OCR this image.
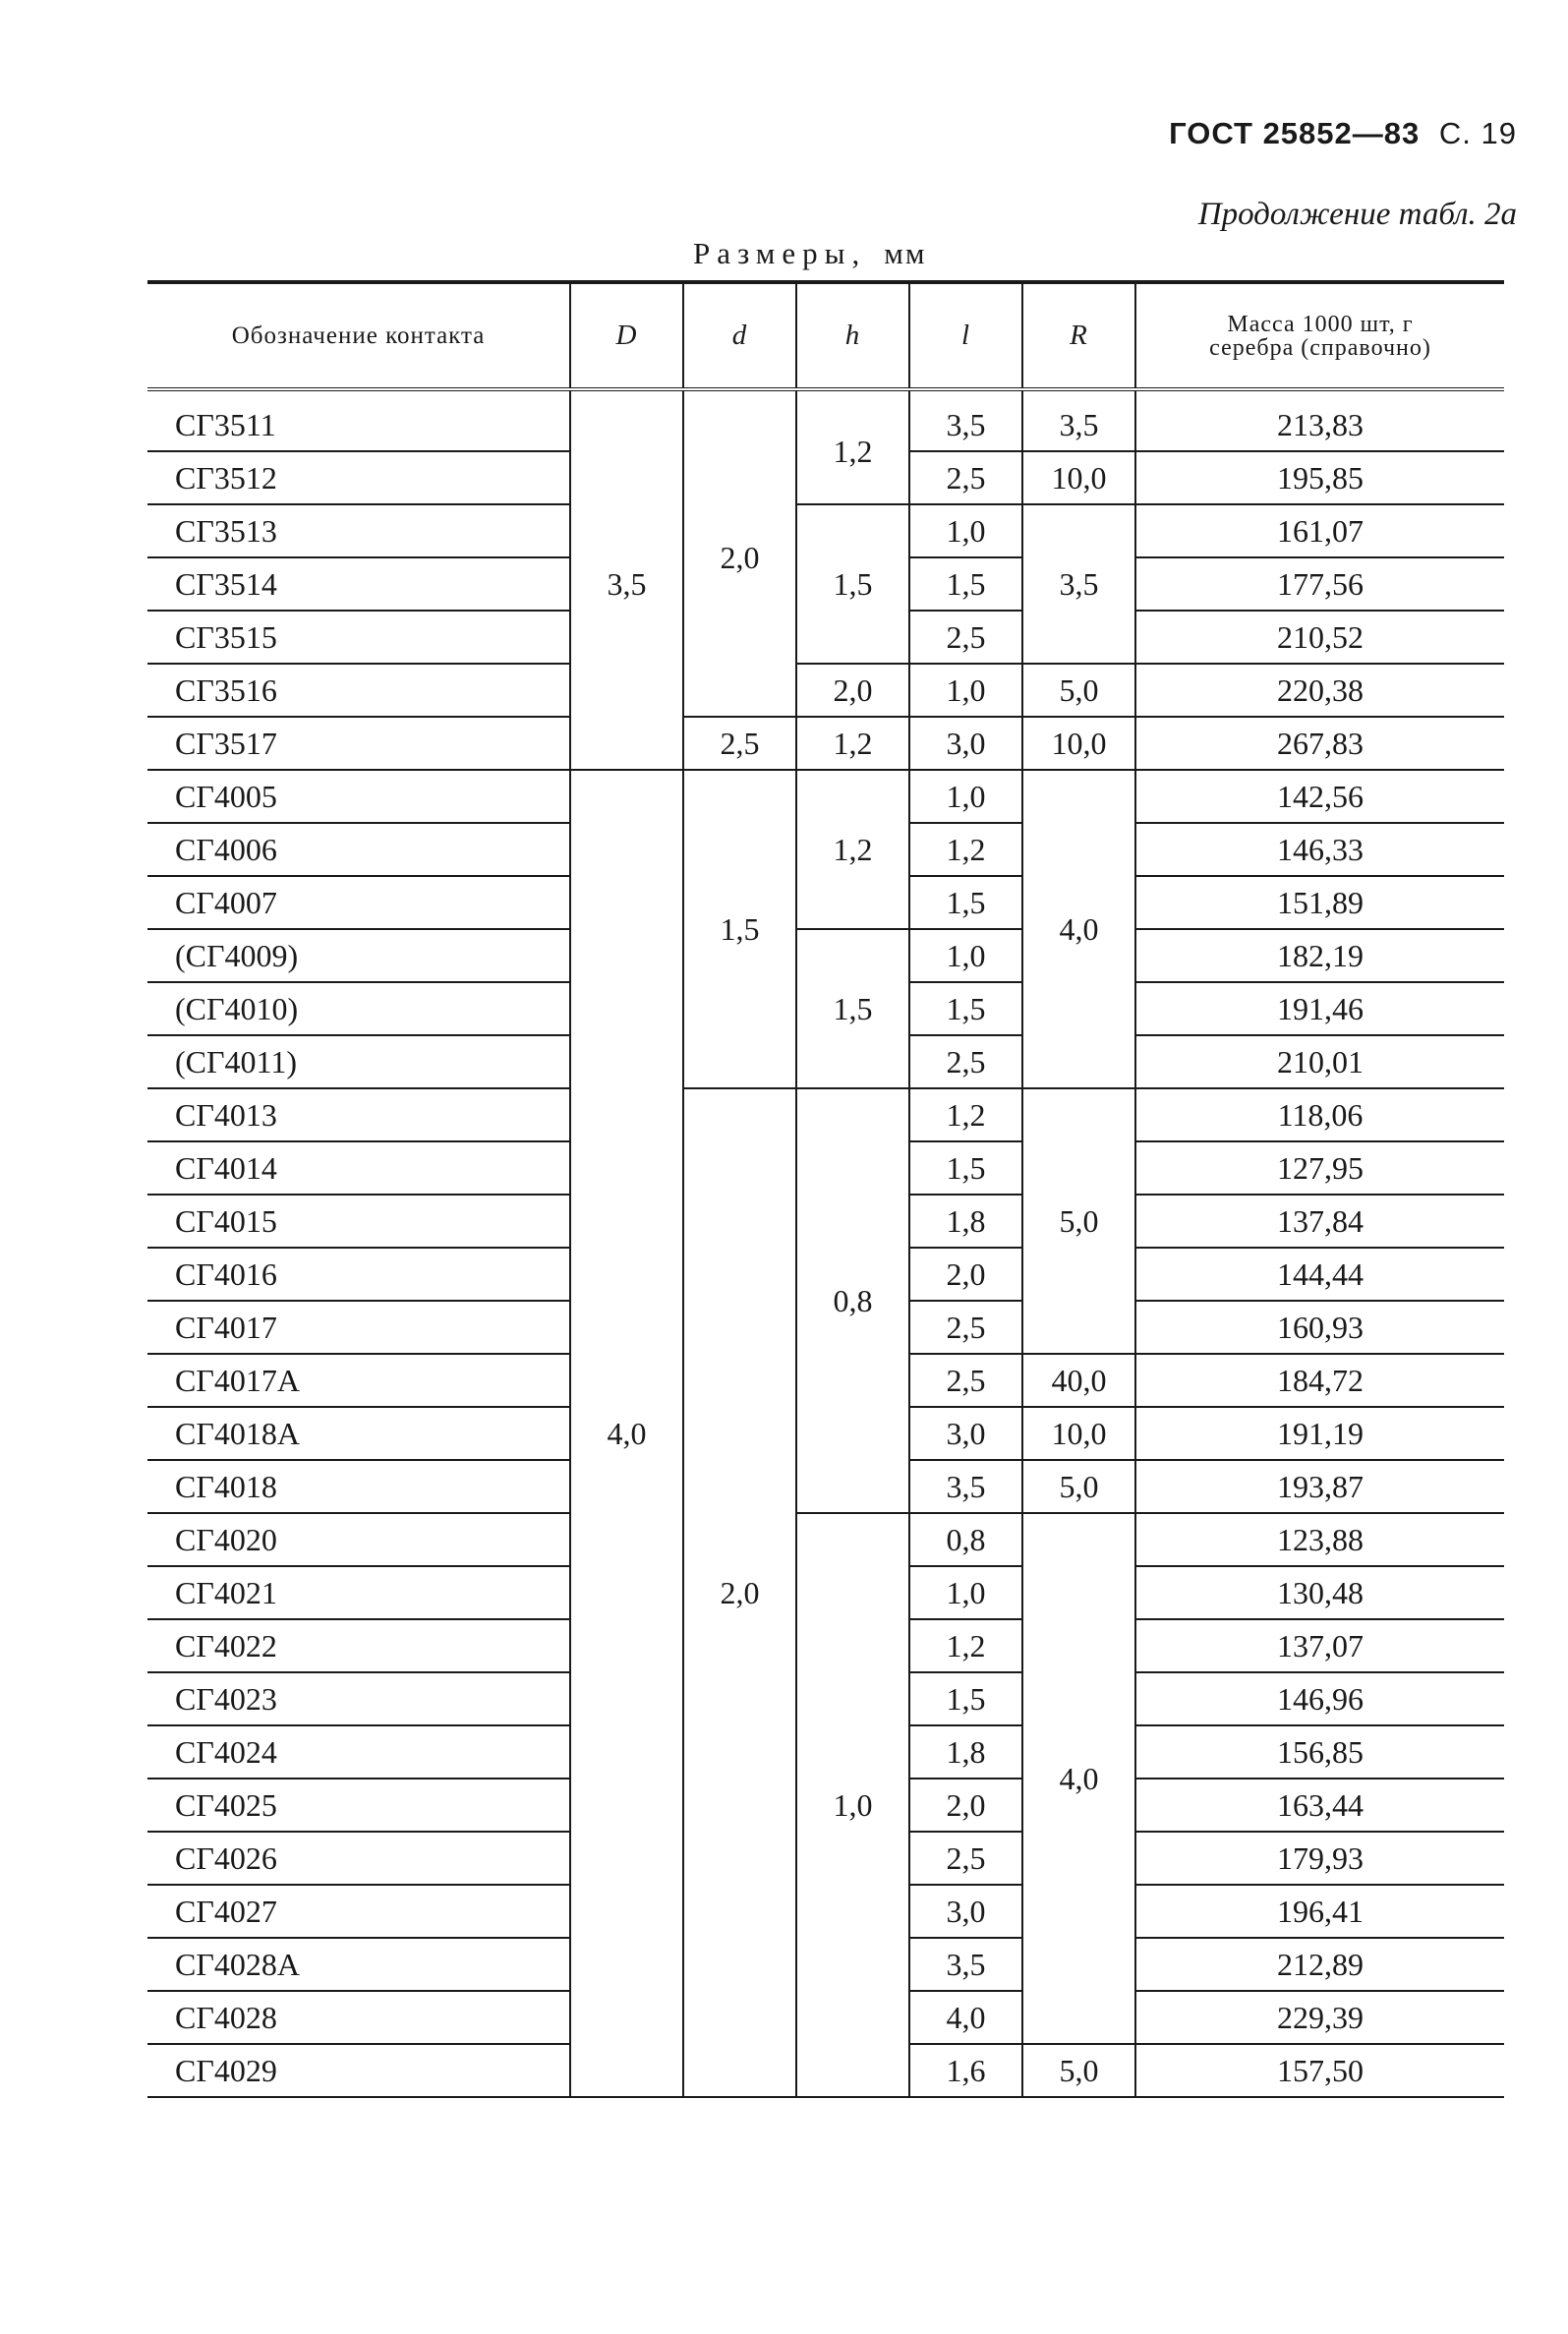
ГОСТ 25852—83 С. 19
Продолжение табл. 2а
Размеры, мм
Обозначение контакта	D	d	h	l	R	Масса 1000 шт, г
серебра (справочно)
СГ3511	3,5	2,0	1,2	3,5	3,5	213,83
СГ3512				2,5	10,0	195,85
СГ3513			1,5	1,0	3,5	161,07
СГ3514				1,5		177,56
СГ3515				2,5		210,52
СГ3516			2,0	1,0	5,0	220,38
СГ3517		2,5	1,2	3,0	10,0	267,83
СГ4005	4,0	1,5	1,2	1,0	4,0	142,56
СГ4006				1,2		146,33
СГ4007				1,5		151,89
(СГ4009)			1,5	1,0		182,19
(СГ4010)				1,5		191,46
(СГ4011)				2,5		210,01
СГ4013		2,0	0,8	1,2	5,0	118,06
СГ4014				1,5		127,95
СГ4015				1,8		137,84
СГ4016				2,0		144,44
СГ4017				2,5		160,93
СГ4017А				2,5	40,0	184,72
СГ4018А				3,0	10,0	191,19
СГ4018				3,5	5,0	193,87
СГ4020			1,0	0,8	4,0	123,88
СГ4021				1,0		130,48
СГ4022				1,2		137,07
СГ4023				1,5		146,96
СГ4024				1,8		156,85
СГ4025				2,0		163,44
СГ4026				2,5		179,93
СГ4027				3,0		196,41
СГ4028А				3,5		212,89
СГ4028				4,0		229,39
СГ4029				1,6	5,0	157,50
